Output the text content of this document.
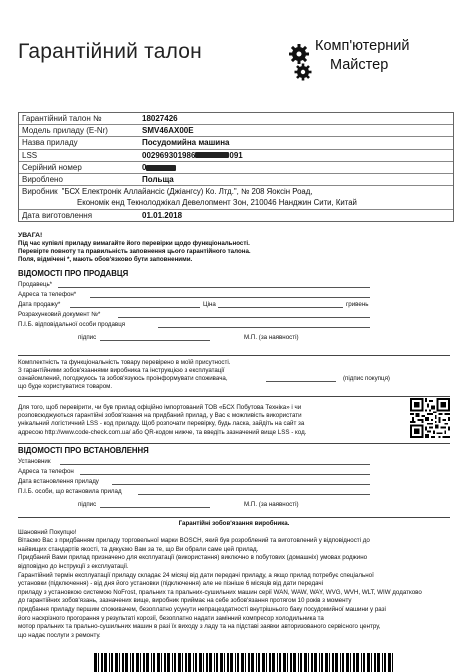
Гарантійний талон	Комп'ютерний
Майстер
Гарантійний талон №	18027426
Модель приладу (E-Nr)	SMV46AX00E
Назва приладу	Посудомийна машина
LSS	002969301986	091
Серійний номер	0
Вироблено	Польща
Виробник "БСХ Електронік Аллайансіс (Джіангсу) Ко. Лтд.", № 208 Яоксін Роад,
Економік енд Текнолоджікал Девелопмент Зон, 210046 Нанджин Сити, Китай
Дата виготовлення	01.01.2018

УВАГА!

Під час купівлі приладу вимагайте його перевірки щодо функціональності.

Перевірте повноту та правильність заповнення цього гарантійного талона.

Поля, відмічені *, мають обов'язково бути заповненими.

ВІДОМОСТІ ПРО ПРОДАВЦЯ

Продавець*
Адреса та телефон*
Дата продажу*	Ціна	гривень
Розрахунковий документ №*
П.І.Б. відповідальної особи продавця
підпис	М.П. (за наявності)

Комплектність та функціональність товару перевірено в моїй присутності.

З гарантійними зобов'язаннями виробника та інструкцією з експлуатації

ознайомлений, погоджуюсь та зобов'язуюсь проінформувати споживача,	(підпис покупця)

що буде користуватися товаром.

Для того, щоб перевірити, чи був прилад офіційно імпортований ТОВ «БСХ Побутова Техніка» і чи

розповсюджуються гарантійні зобов'язання на придбаний прилад, у Вас є можливість використати

унікальний логістичний LSS - код приладу. Щоб розпочати перевірку, будь ласка, зайдіть на сайт за

адресою http://www.code-check.com.ua/ або QR-кодом нижче, та введіть зазначений вище LSS - код.

ВІДОМОСТІ ПРО ВСТАНОВЛЕННЯ

Установник
Адреса та телефон
Дата встановлення приладу
П.І.Б. особи, що встановила прилад
підпис	М.П. (за наявності)

Гарантійні зобов'язання виробника.

Шановний Покупцю!

Вітаємо Вас з придбанням приладу торговельної марки BOSCH, який був розроблений та виготовлений у відповідності до

найвищих стандартів якості, та дякуємо Вам за те, що Ви обрали саме цей прилад.

Придбаний Вами прилад призначено для експлуатації (використання) виключно в побутових (домашніх) умовах роджино

відповідно до інструкції з експлуатації.

Гарантійний термін експлуатації приладу складає 24 місяці від дати передачі приладу, а якщо прилад потребує спеціальної

установки (підключення) - від дня його установки (підключення) але не пізніше 6 місяців від дати передачі

приладу з установкою системою NoFrost, пральних та пральних-сушильних машин серії WAN, WAW, WAY, WVG, WVH, WLT, WIW додатково

до гарантійних зобов'язань, зазначених вище, виробник приймає на себе зобов'язання протягом 10 років з моменту

придбання приладу першим споживачем, безоплатно усунути непрацездатності внутрішнього баку посудомийної машини у разі

його наскрізного прогорання у результаті корозії, безоплатно надати замінний компресор холодильника та

мотор пральних та прально-сушильних машин в разі їх виходу з ладу та на підставі заявки авторизованого сервісного центру,

що надає послуги з ремонту.
